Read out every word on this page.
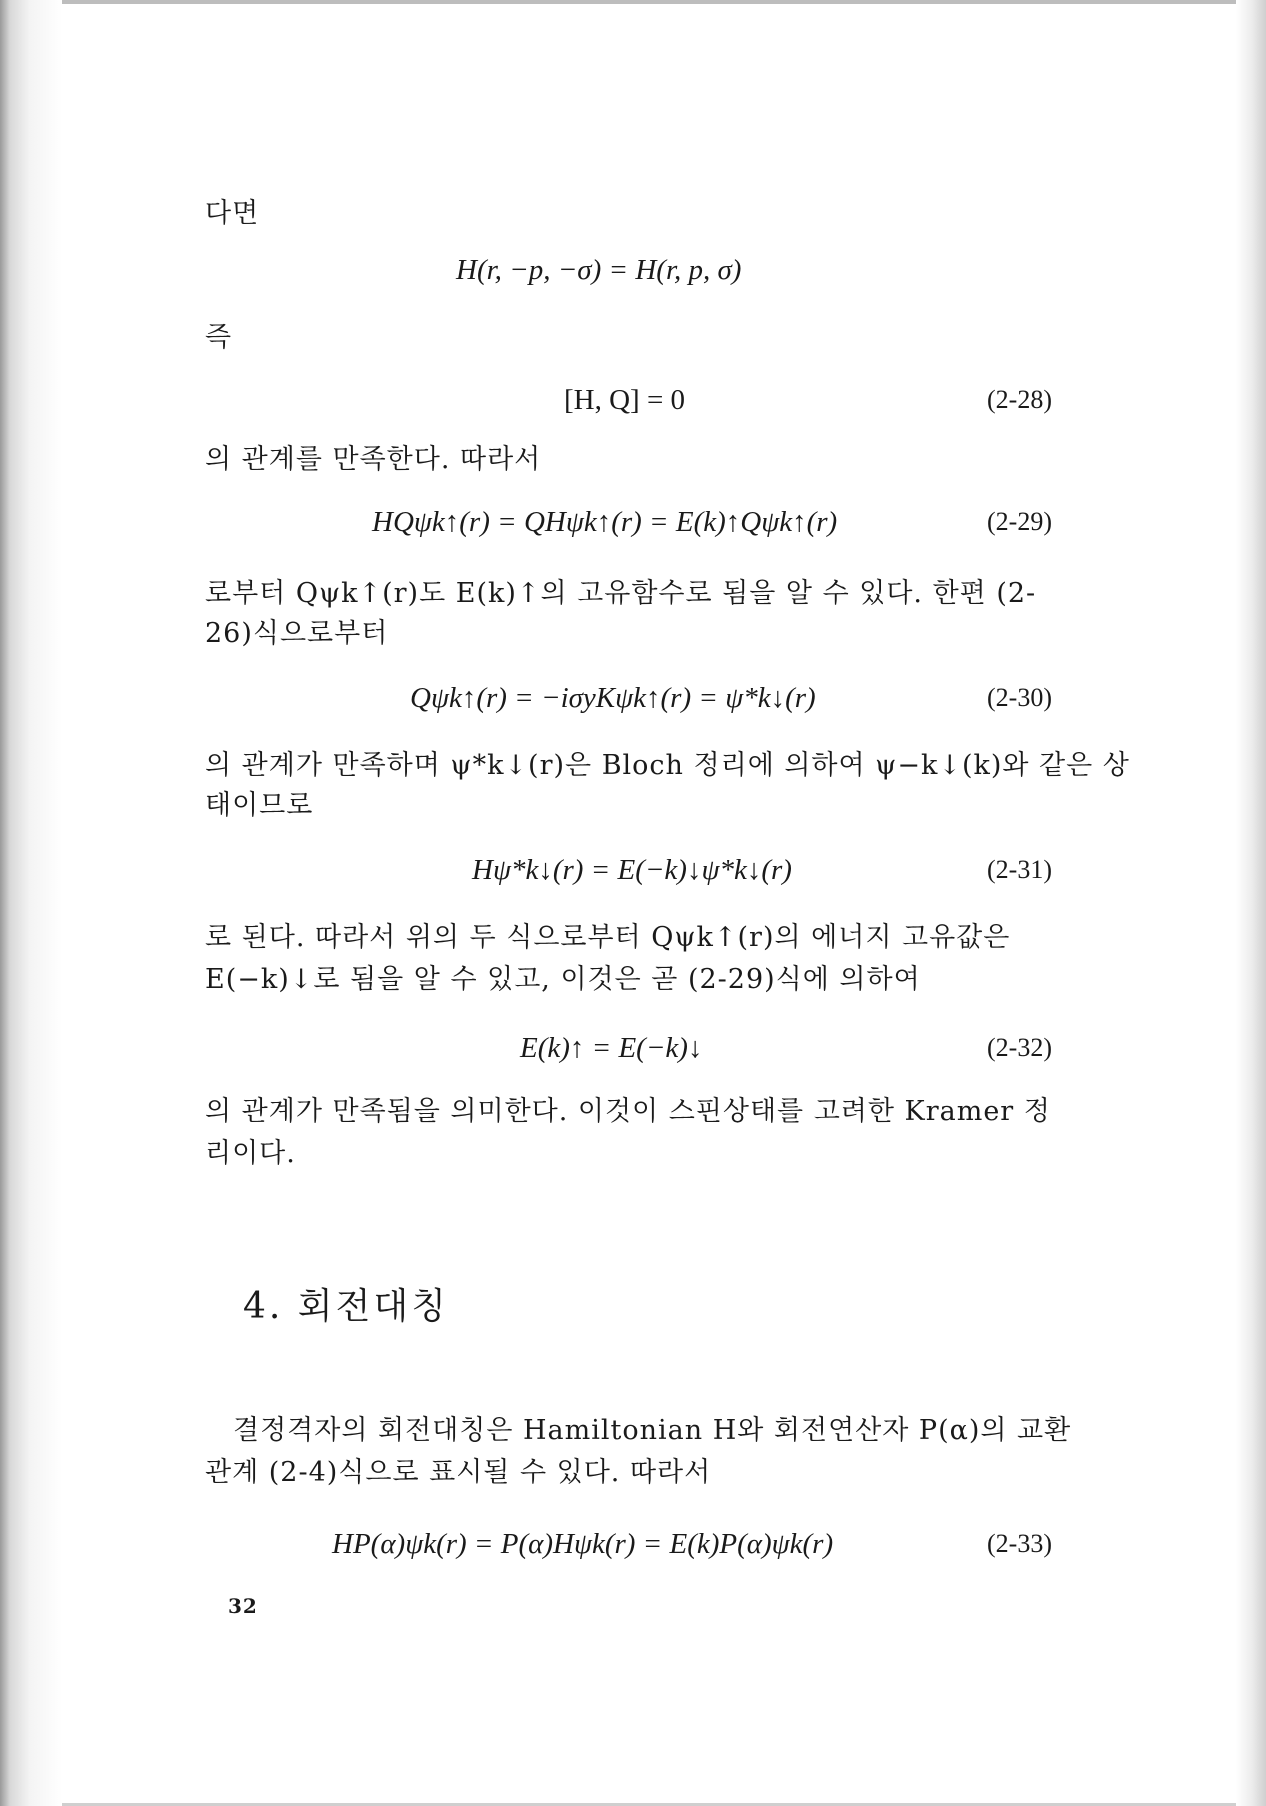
다면
H(r, −p, −σ) = H(r, p, σ)
즉
[H, Q] = 0	(2-28)
의 관계를 만족한다. 따라서
HQψk↑(r) = QHψk↑(r) = E(k)↑Qψk↑(r)	(2-29)
로부터 Qψk↑(r)도 E(k)↑의 고유함수로 됨을 알 수 있다. 한편 (2-
26)식으로부터
Qψk↑(r) = −iσyKψk↑(r) = ψ*k↓(r)	(2-30)
의 관계가 만족하며 ψ*k↓(r)은 Bloch 정리에 의하여 ψ−k↓(k)와 같은 상
태이므로
Hψ*k↓(r) = E(−k)↓ψ*k↓(r)	(2-31)
로 된다. 따라서 위의 두 식으로부터 Qψk↑(r)의 에너지 고유값은
E(−k)↓로 됨을 알 수 있고, 이것은 곧 (2-29)식에 의하여
E(k)↑ = E(−k)↓	(2-32)
의 관계가 만족됨을 의미한다. 이것이 스핀상태를 고려한 Kramer 정
리이다.
4. 회전대칭
결정격자의 회전대칭은 Hamiltonian H와 회전연산자 P(α)의 교환
관계 (2-4)식으로 표시될 수 있다. 따라서
HP(α)ψk(r) = P(α)Hψk(r) = E(k)P(α)ψk(r)	(2-33)
32
